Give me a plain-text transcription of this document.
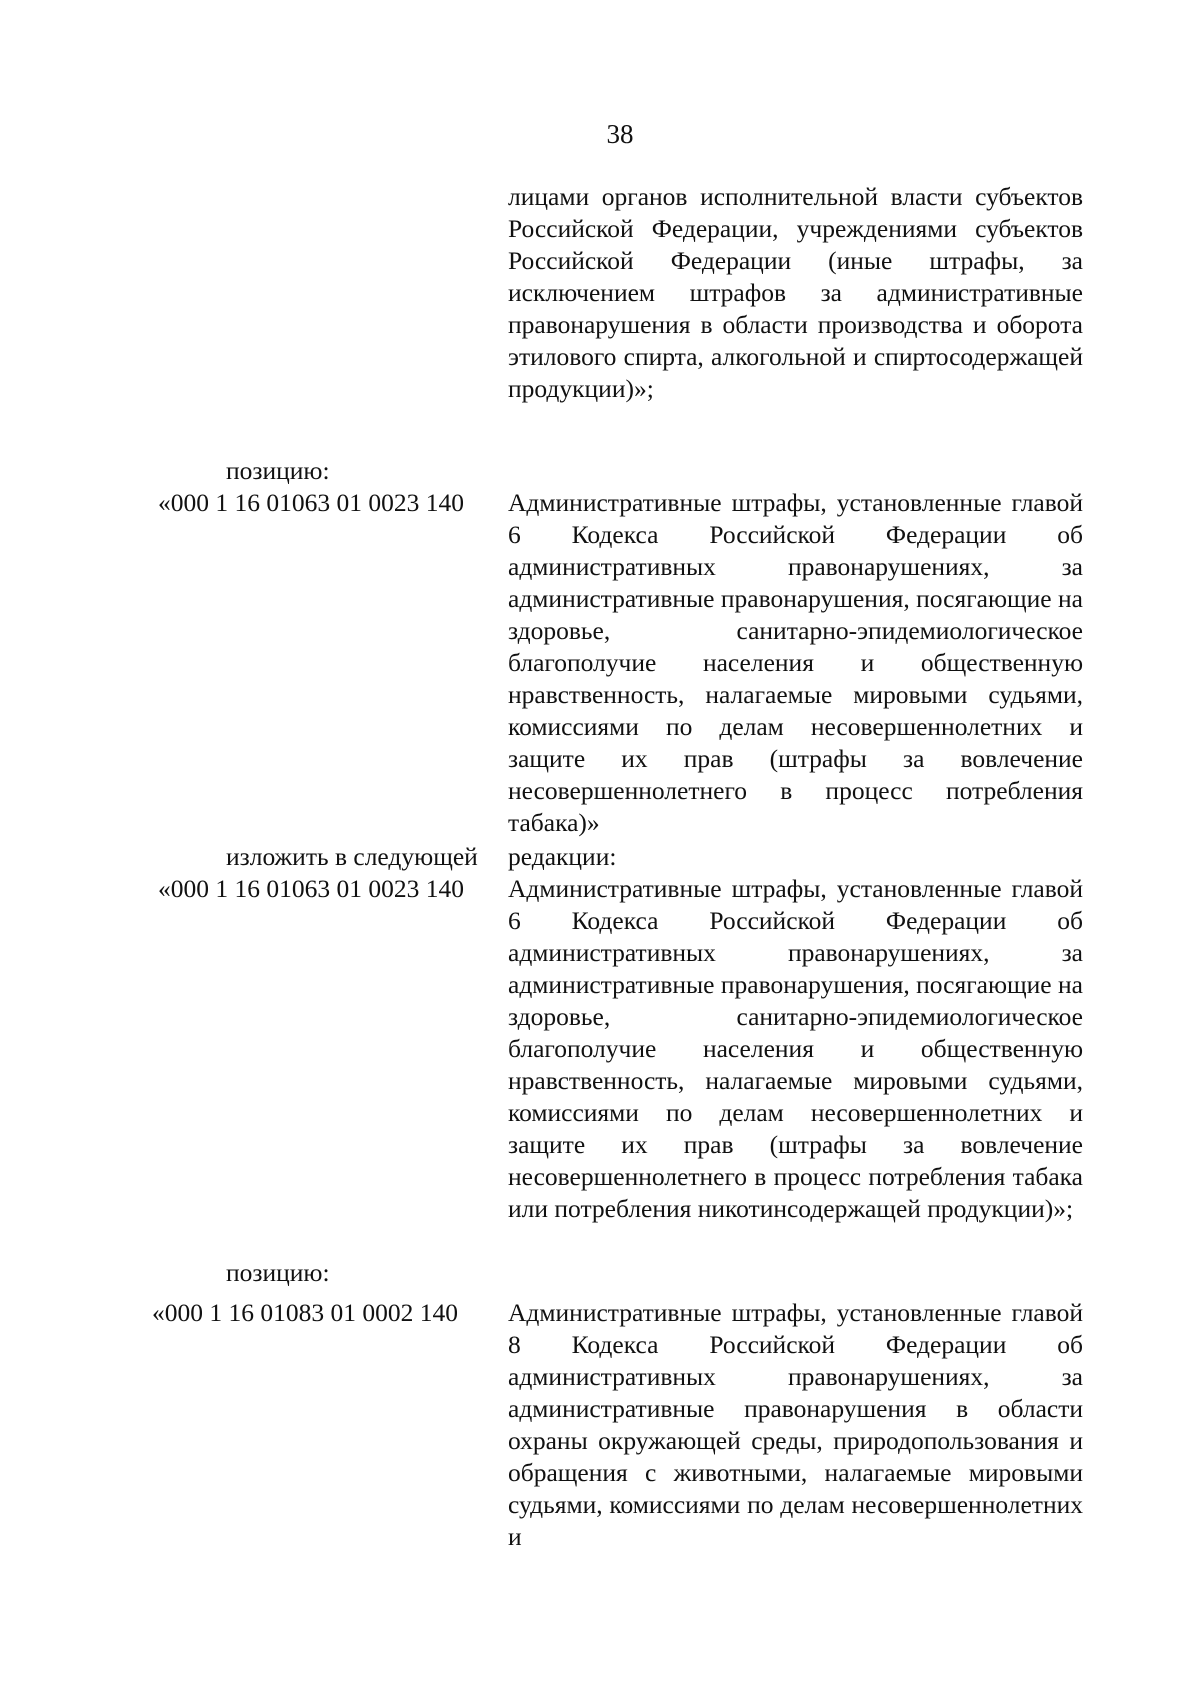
38

лицами органов исполнительной власти субъектов Российской Федерации, учреждениями субъектов Российской Федерации (иные штрафы, за исключением штрафов за административные правонарушения в области производства и оборота этилового спирта, алкогольной и спиртосодержащей продукции)»;

позицию:
«000 1 16 01063 01 0023 140 Административные штрафы, установленные главой 6 Кодекса Российской Федерации об административных правонарушениях, за административные правонарушения, посягающие на здоровье, санитарно-эпидемиологическое благополучие населения и общественную нравственность, налагаемые мировыми судьями, комиссиями по делам несовершеннолетних и защите их прав (штрафы за вовлечение несовершеннолетнего в процесс потребления табака)»

изложить в следующей редакции:
«000 1 16 01063 01 0023 140 Административные штрафы, установленные главой 6 Кодекса Российской Федерации об административных правонарушениях, за административные правонарушения, посягающие на здоровье, санитарно-эпидемиологическое благополучие населения и общественную нравственность, налагаемые мировыми судьями, комиссиями по делам несовершеннолетних и защите их прав (штрафы за вовлечение несовершеннолетнего в процесс потребления табака или потребления никотинсодержащей продукции)»;

позицию:
«000 1 16 01083 01 0002 140 Административные штрафы, установленные главой 8 Кодекса Российской Федерации об административных правонарушениях, за административные правонарушения в области охраны окружающей среды, природопользования и обращения с животными, налагаемые мировыми судьями, комиссиями по делам несовершеннолетних и
